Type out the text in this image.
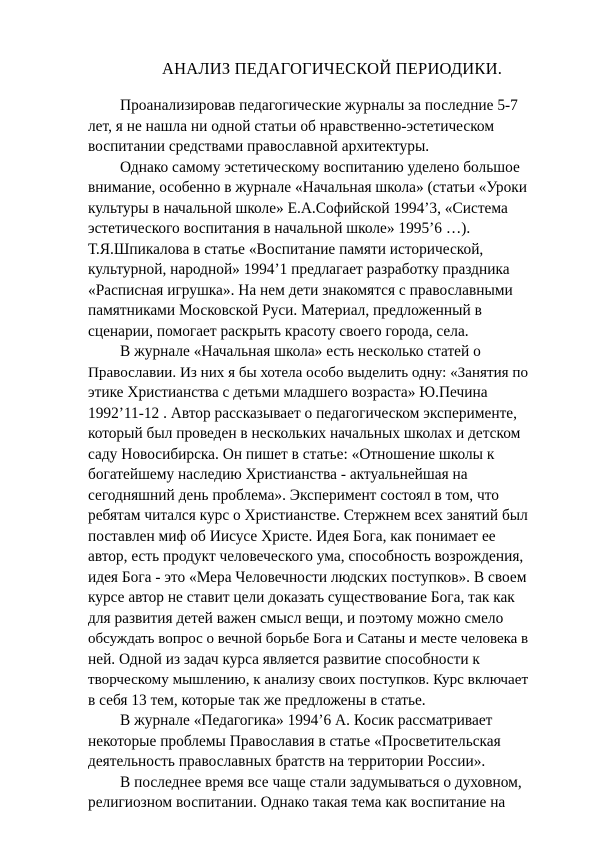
АНАЛИЗ ПЕДАГОГИЧЕСКОЙ ПЕРИОДИКИ.
Проанализировав педагогические журналы за последние 5-7
лет, я не нашла ни одной статьи об нравственно-эстетическом
воспитании средствами православной архитектуры.
Однако самому эстетическому воспитанию уделено большое
внимание, особенно в журнале «Начальная школа» (статьи «Уроки
культуры в начальной школе» Е.А.Софийской 1994’3, «Система
эстетического воспитания в начальной школе» 1995’6 …).
Т.Я.Шпикалова в статье «Воспитание памяти исторической,
культурной, народной» 1994’1 предлагает разработку праздника
«Расписная игрушка». На нем дети знакомятся с православными
памятниками Московской Руси. Материал, предложенный в
сценарии, помогает раскрыть красоту своего города, села.
В журнале «Начальная школа» есть несколько статей о
Православии. Из них я бы хотела особо выделить одну: «Занятия по
этике Христианства с детьми младшего возраста» Ю.Печина
1992’11-12 . Автор рассказывает о педагогическом эксперименте,
который был проведен в нескольких начальных школах и детском
саду Новосибирска. Он пишет в статье: «Отношение школы к
богатейшему наследию Христианства - актуальнейшая на
сегодняшний день проблема». Эксперимент состоял в том, что
ребятам читался курс о Христианстве. Стержнем всех занятий был
поставлен миф об Иисусе Христе. Идея Бога, как понимает ее
автор, есть продукт человеческого ума, способность возрождения,
идея Бога - это «Мера Человечности людских поступков». В своем
курсе автор не ставит цели доказать существование Бога, так как
для развития детей важен смысл вещи, и поэтому можно смело
обсуждать вопрос о вечной борьбе Бога и Сатаны и месте человека в
ней. Одной из задач курса является развитие способности к
творческому мышлению, к анализу своих поступков. Курс включает
в себя 13 тем, которые так же предложены в статье.
В журнале «Педагогика» 1994’6 А. Косик рассматривает
некоторые проблемы Православия в статье «Просветительская
деятельность православных братств на территории России».
В последнее время все чаще стали задумываться о духовном,
религиозном воспитании. Однако такая тема как воспитание на
